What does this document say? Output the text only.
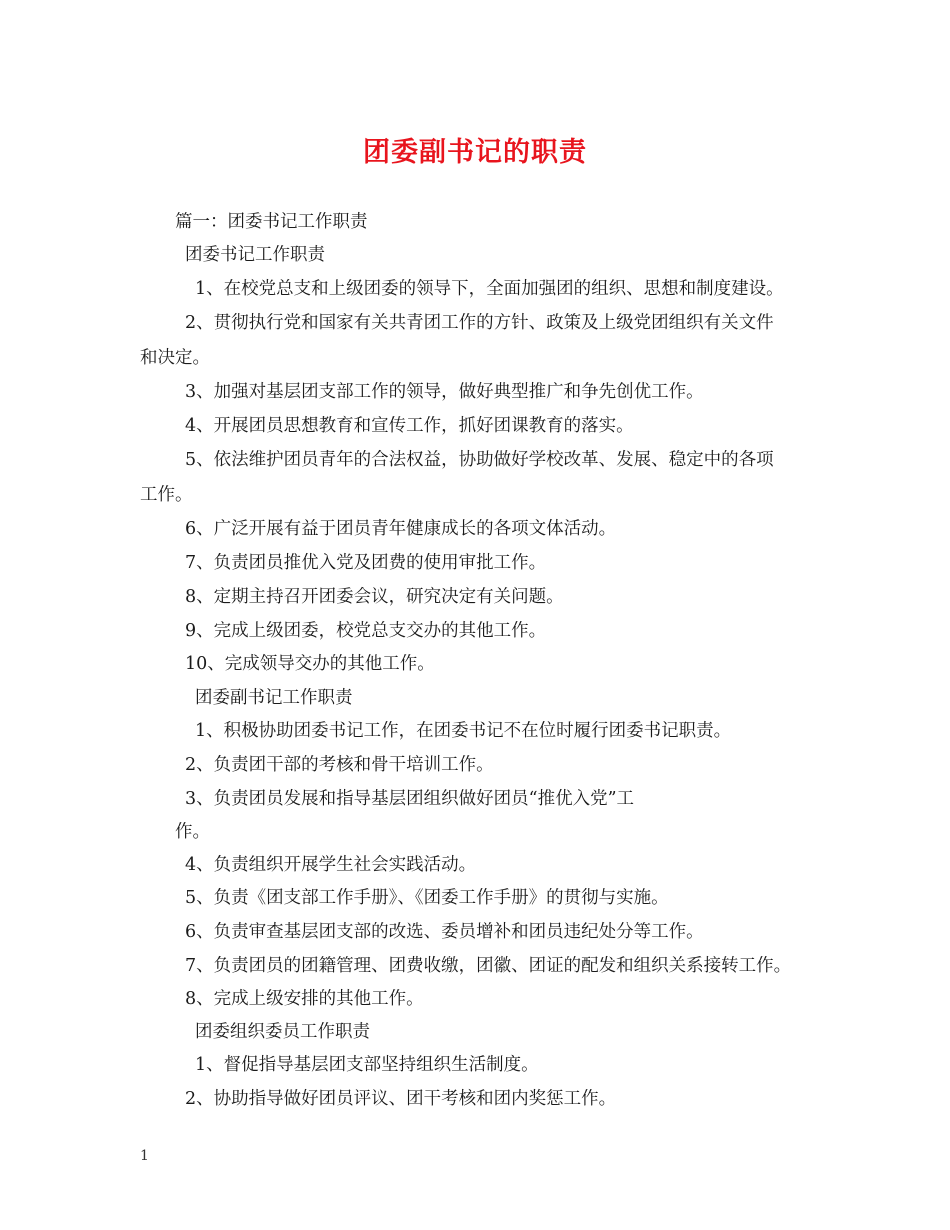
团委副书记的职责
篇一：团委书记工作职责
团委书记工作职责
1、在校党总支和上级团委的领导下，全面加强团的组织、思想和制度建设。
2、贯彻执行党和国家有关共青团工作的方针、政策及上级党团组织有关文件
和决定。
3、加强对基层团支部工作的领导，做好典型推广和争先创优工作。
4、开展团员思想教育和宣传工作，抓好团课教育的落实。
5、依法维护团员青年的合法权益，协助做好学校改革、发展、稳定中的各项
工作。
6、广泛开展有益于团员青年健康成长的各项文体活动。
7、负责团员推优入党及团费的使用审批工作。
8、定期主持召开团委会议，研究决定有关问题。
9、完成上级团委，校党总支交办的其他工作。
10、完成领导交办的其他工作。
团委副书记工作职责
1、积极协助团委书记工作，在团委书记不在位时履行团委书记职责。
2、负责团干部的考核和骨干培训工作。
3、负责团员发展和指导基层团组织做好团员“推优入党”工
作。
4、负责组织开展学生社会实践活动。
5、负责《团支部工作手册》、《团委工作手册》的贯彻与实施。
6、负责审查基层团支部的改选、委员增补和团员违纪处分等工作。
7、负责团员的团籍管理、团费收缴，团徽、团证的配发和组织关系接转工作。
8、完成上级安排的其他工作。
团委组织委员工作职责
1、督促指导基层团支部坚持组织生活制度。
2、协助指导做好团员评议、团干考核和团内奖惩工作。
1
